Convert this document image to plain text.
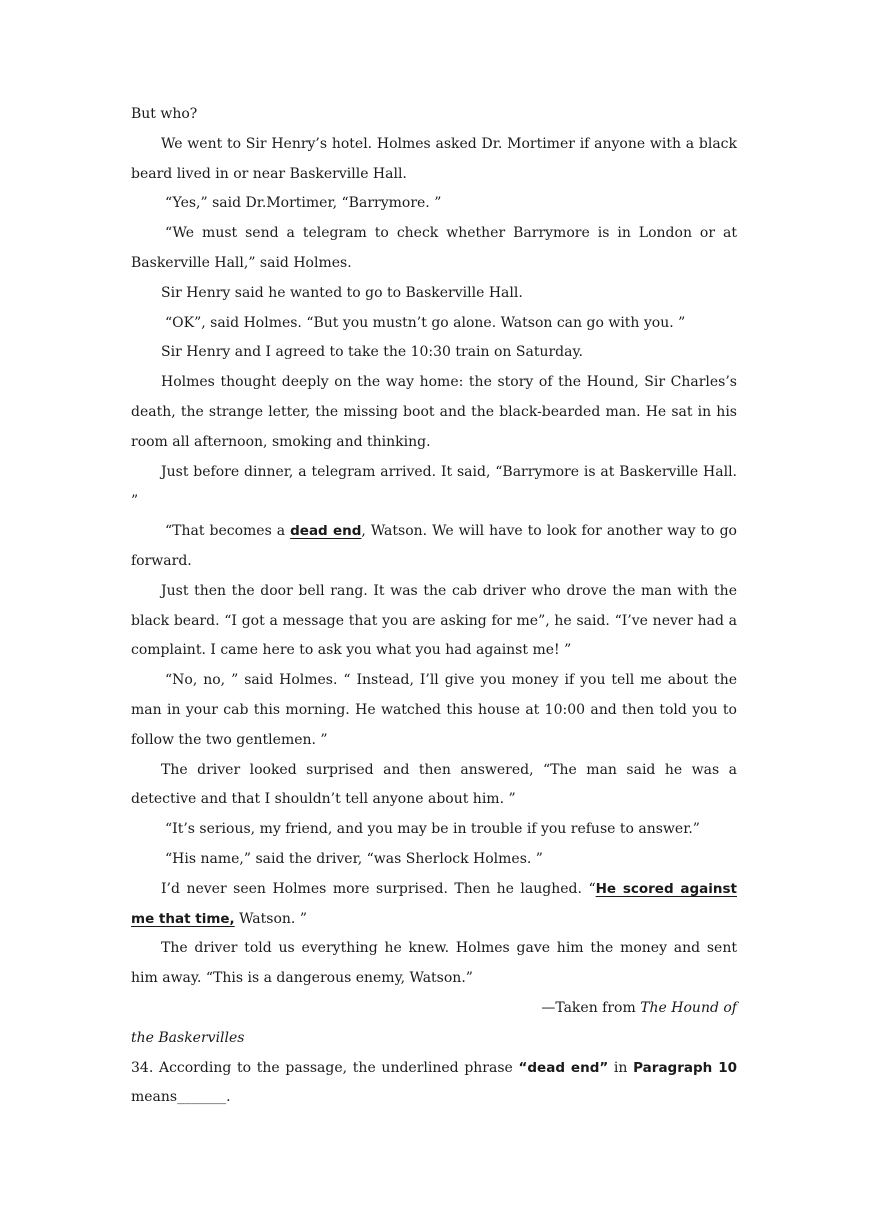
But who?

We went to Sir Henry’s hotel. Holmes asked Dr. Mortimer if anyone with a black beard lived in or near Baskerville Hall.

“Yes,” said Dr.Mortimer, “Barrymore. ”

“We must send a telegram to check whether Barrymore is in London or at Baskerville Hall,” said Holmes.

Sir Henry said he wanted to go to Baskerville Hall.

“OK”, said Holmes. “But you mustn’t go alone. Watson can go with you. ”

Sir Henry and I agreed to take the 10:30 train on Saturday.

Holmes thought deeply on the way home: the story of the Hound, Sir Charles’s death, the strange letter, the missing boot and the black-bearded man. He sat in his room all afternoon, smoking and thinking.

Just before dinner, a telegram arrived. It said, “Barrymore is at Baskerville Hall. ”

“That becomes a dead end, Watson. We will have to look for another way to go forward.

Just then the door bell rang. It was the cab driver who drove the man with the black beard. “I got a message that you are asking for me”, he said. “I’ve never had a complaint. I came here to ask you what you had against me! ”

“No, no, ” said Holmes. “ Instead, I’ll give you money if you tell me about the man in your cab this morning. He watched this house at 10:00 and then told you to follow the two gentlemen. ”

The driver looked surprised and then answered, “The man said he was a detective and that I shouldn’t tell anyone about him. ”

“It’s serious, my friend, and you may be in trouble if you refuse to answer.”

“His name,” said the driver, “was Sherlock Holmes. ”

I’d never seen Holmes more surprised. Then he laughed. “He scored against me that time, Watson. ”

The driver told us everything he knew. Holmes gave him the money and sent him away. “This is a dangerous enemy, Watson.”

—Taken from The Hound of

the Baskervilles

34. According to the passage, the underlined phrase “dead end” in Paragraph 10 means_______.
